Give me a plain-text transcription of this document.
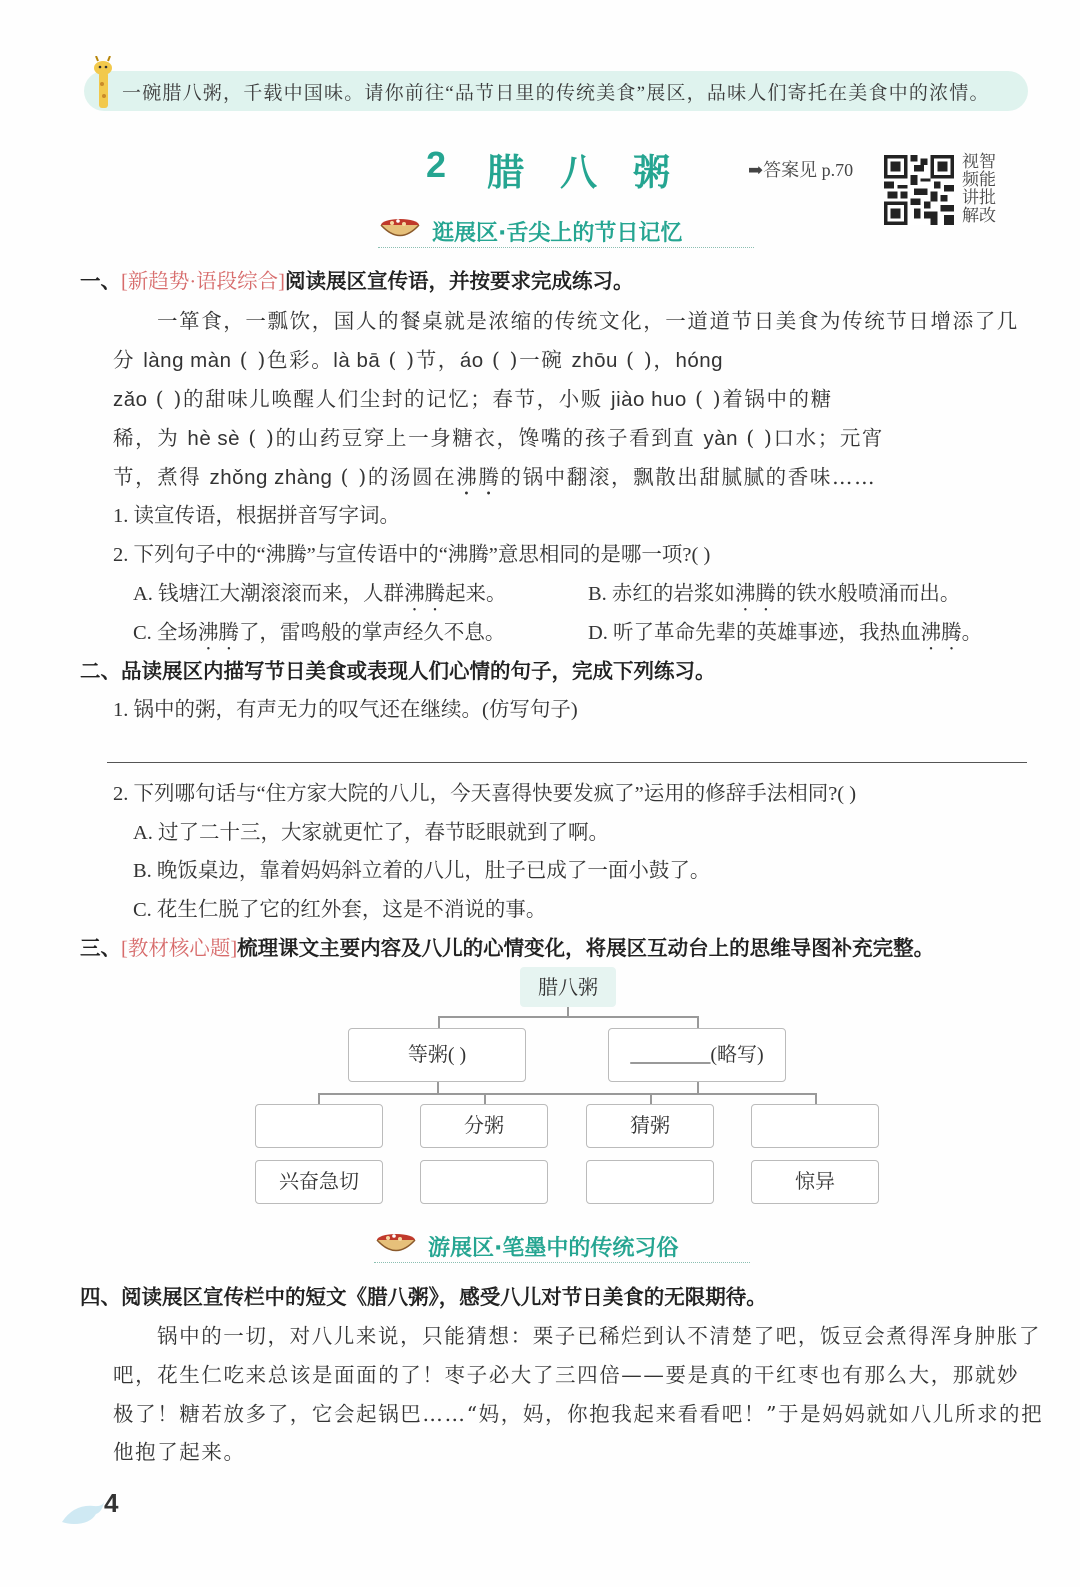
一碗腊八粥，千载中国味。请你前往“品节日里的传统美食”展区，品味人们寄托在美食中的浓情。
2 腊八粥 ➡答案见 p.70	视智
频能
讲批
解改
逛展区·舌尖上的节日记忆
一、[新趋势·语段综合]阅读展区宣传语，并按要求完成练习。
一箪食，一瓢饮，国人的餐桌就是浓缩的传统文化，一道道节日美食为传统节日增添了几
分 làng màn ( )色彩。là bā ( )节，áo ( )一碗 zhōu ( )，hóng
zǎo ( )的甜味儿唤醒人们尘封的记忆；春节，小贩 jiào huo ( )着锅中的糖
稀，为 hè sè ( )的山药豆穿上一身糖衣，馋嘴的孩子看到直 yàn ( )口水；元宵
节，煮得 zhǒng zhàng ( )的汤圆在沸腾的锅中翻滚，飘散出甜腻腻的香味……
1. 读宣传语，根据拼音写字词。
2. 下列句子中的“沸腾”与宣传语中的“沸腾”意思相同的是哪一项?( )
A. 钱塘江大潮滚滚而来，人群沸腾起来。	B. 赤红的岩浆如沸腾的铁水般喷涌而出。
C. 全场沸腾了，雷鸣般的掌声经久不息。	D. 听了革命先辈的英雄事迹，我热血沸腾。
二、品读展区内描写节日美食或表现人们心情的句子，完成下列练习。
1. 锅中的粥，有声无力的叹气还在继续。(仿写句子)
2. 下列哪句话与“住方家大院的八儿，今天喜得快要发疯了”运用的修辞手法相同?( )
A. 过了二十三，大家就更忙了，春节眨眼就到了啊。
B. 晚饭桌边，靠着妈妈斜立着的八儿，肚子已成了一面小鼓了。
C. 花生仁脱了它的红外套，这是不消说的事。
三、[教材核心题]梳理课文主要内容及八儿的心情变化，将展区互动台上的思维导图补充完整。
腊八粥
等粥( )	________(略写)
分粥	猜粥
兴奋急切	惊异
游展区·笔墨中的传统习俗
四、阅读展区宣传栏中的短文《腊八粥》，感受八儿对节日美食的无限期待。
锅中的一切，对八儿来说，只能猜想：栗子已稀烂到认不清楚了吧，饭豆会煮得浑身肿胀了
吧，花生仁吃来总该是面面的了！枣子必大了三四倍——要是真的干红枣也有那么大，那就妙
极了！糖若放多了，它会起锅巴……“妈，妈，你抱我起来看看吧！”于是妈妈就如八儿所求的把
他抱了起来。
4
